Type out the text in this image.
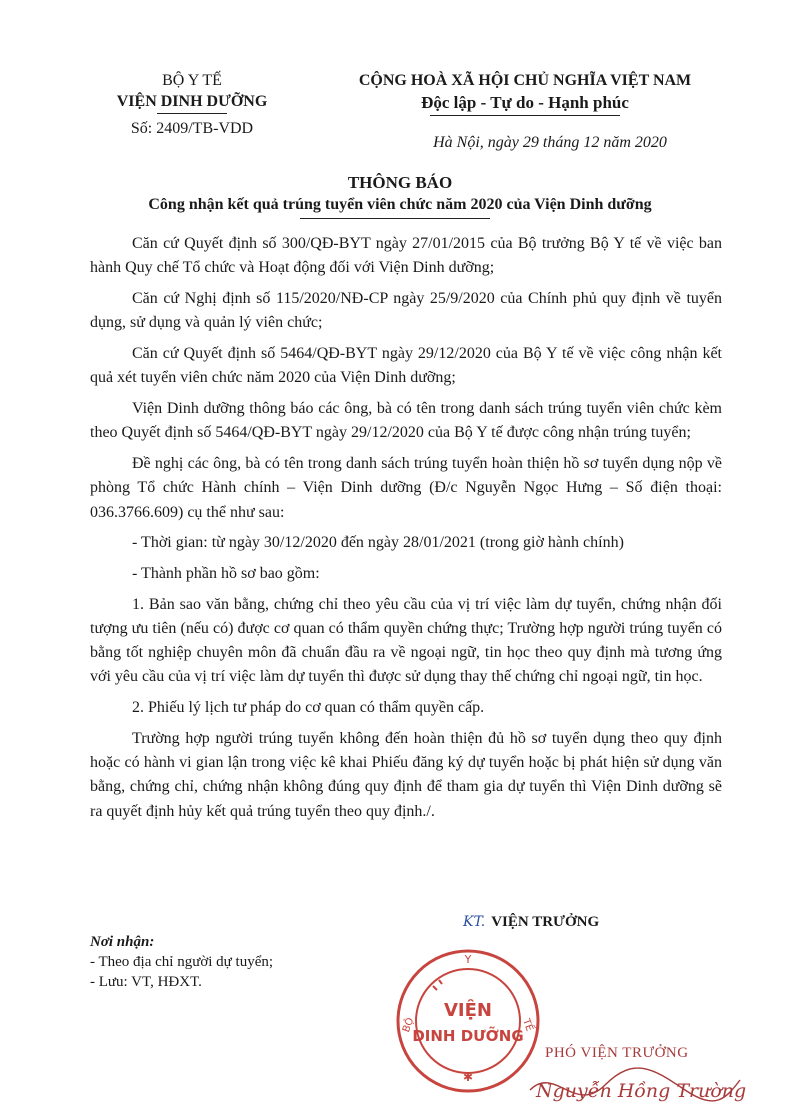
BỘ Y TẾ
VIỆN DINH DƯỠNG
Số: 2409/TB-VDD
CỘNG HOÀ XÃ HỘI CHỦ NGHĨA VIỆT NAM
Độc lập - Tự do - Hạnh phúc
Hà Nội, ngày 29 tháng 12 năm 2020
THÔNG BÁO
Công nhận kết quả trúng tuyển viên chức năm 2020 của Viện Dinh dưỡng

Căn cứ Quyết định số 300/QĐ-BYT ngày 27/01/2015 của Bộ trưởng Bộ Y tế về việc ban hành Quy chế Tổ chức và Hoạt động đối với Viện Dinh dưỡng;

Căn cứ Nghị định số 115/2020/NĐ-CP ngày 25/9/2020 của Chính phủ quy định về tuyển dụng, sử dụng và quản lý viên chức;

Căn cứ Quyết định số 5464/QĐ-BYT ngày 29/12/2020 của Bộ Y tế về việc công nhận kết quả xét tuyển viên chức năm 2020 của Viện Dinh dưỡng;

Viện Dinh dưỡng thông báo các ông, bà có tên trong danh sách trúng tuyển viên chức kèm theo Quyết định số 5464/QĐ-BYT ngày 29/12/2020 của Bộ Y tế được công nhận trúng tuyển;

Đề nghị các ông, bà có tên trong danh sách trúng tuyển hoàn thiện hồ sơ tuyển dụng nộp về phòng Tổ chức Hành chính – Viện Dinh dưỡng (Đ/c Nguyễn Ngọc Hưng – Số điện thoại: 036.3766.609) cụ thể như sau:

- Thời gian: từ ngày 30/12/2020 đến ngày 28/01/2021 (trong giờ hành chính)

- Thành phần hồ sơ bao gồm:

1. Bản sao văn bằng, chứng chỉ theo yêu cầu của vị trí việc làm dự tuyển, chứng nhận đối tượng ưu tiên (nếu có) được cơ quan có thẩm quyền chứng thực; Trường hợp người trúng tuyển có bằng tốt nghiệp chuyên môn đã chuẩn đầu ra về ngoại ngữ, tin học theo quy định mà tương ứng với yêu cầu của vị trí việc làm dự tuyển thì được sử dụng thay thế chứng chỉ ngoại ngữ, tin học.

2. Phiếu lý lịch tư pháp do cơ quan có thẩm quyền cấp.

Trường hợp người trúng tuyển không đến hoàn thiện đủ hồ sơ tuyển dụng theo quy định hoặc có hành vi gian lận trong việc kê khai Phiếu đăng ký dự tuyển hoặc bị phát hiện sử dụng văn bằng, chứng chỉ, chứng nhận không đúng quy định để tham gia dự tuyển thì Viện Dinh dưỡng sẽ ra quyết định hủy kết quả trúng tuyển theo quy định./.

KT. VIỆN TRƯỞNG
Nơi nhận:
- Theo địa chỉ người dự tuyển;
- Lưu: VT, HĐXT.
Y
BỘ	TẾ
VIỆN
DINH DƯỠNG
✱
PHÓ VIỆN TRƯỞNG
Nguyễn Hồng Trường
